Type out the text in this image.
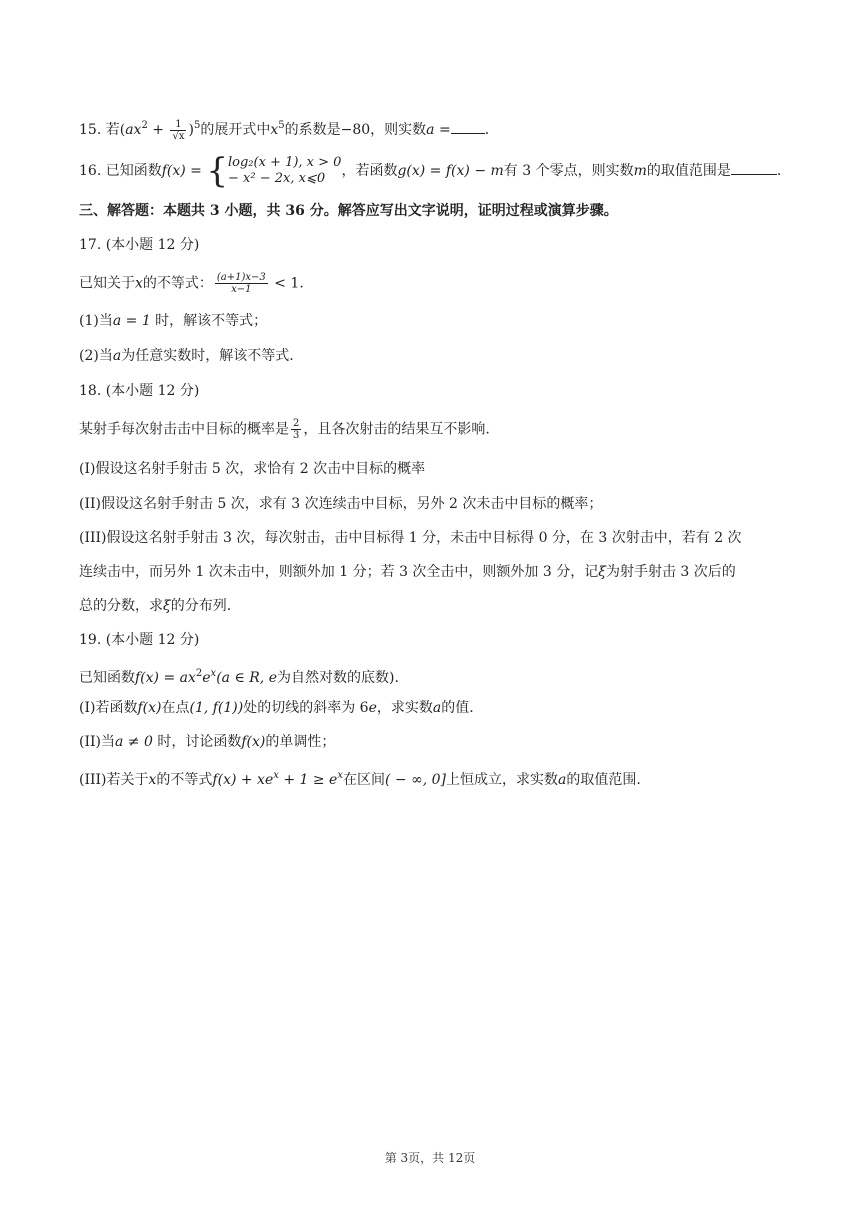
15. 若$(ax^2 + \frac{1}{√x} )^5$的展开式中$x^5$的系数是−80，则实数a = .
16. 已知函数f(x) = { log₂(x + 1), x > 0
− x² − 2x, x⩽0	，若函数g(x) = f(x) − m有 3 个零点，则实数m的取值范围是	.
三、解答题：本题共 3 小题，共 36 分。解答应写出文字说明，证明过程或演算步骤。
17. (本小题 12 分)
已知关于x的不等式： $\frac{(a+1)x-3}{x-1} < 1$.
(1)当a = 1 时，解该不等式；
(2)当a为任意实数时，解该不等式.
18. (本小题 12 分)
某射手每次射击击中目标的概率是 $\frac{2}{3}$ ，且各次射击的结果互不影响.
(I)假设这名射手射击 5 次，求恰有 2 次击中目标的概率
(II)假设这名射手射击 5 次，求有 3 次连续击中目标，另外 2 次未击中目标的概率；
(III)假设这名射手射击 3 次，每次射击，击中目标得 1 分，未击中目标得 0 分，在 3 次射击中，若有 2 次
连续击中，而另外 1 次未击中，则额外加 1 分；若 3 次全击中，则额外加 3 分，记ξ为射手射击 3 次后的
总的分数，求ξ的分布列.
19. (本小题 12 分)
已知函数$f(x) = ax^2e^x(a$ ∈ R, e为自然对数的底数).
(I)若函数f(x)在点(1, f(1))处的切线的斜率为 6e，求实数a的值.
(II)当a ≠ 0 时，讨论函数f(x)的单调性；
(III)若关于x的不等式$f(x) + xe^x + 1 \ge e^x$在区间( − ∞, 0]上恒成立，求实数a的取值范围.
第 3页，共 12页
